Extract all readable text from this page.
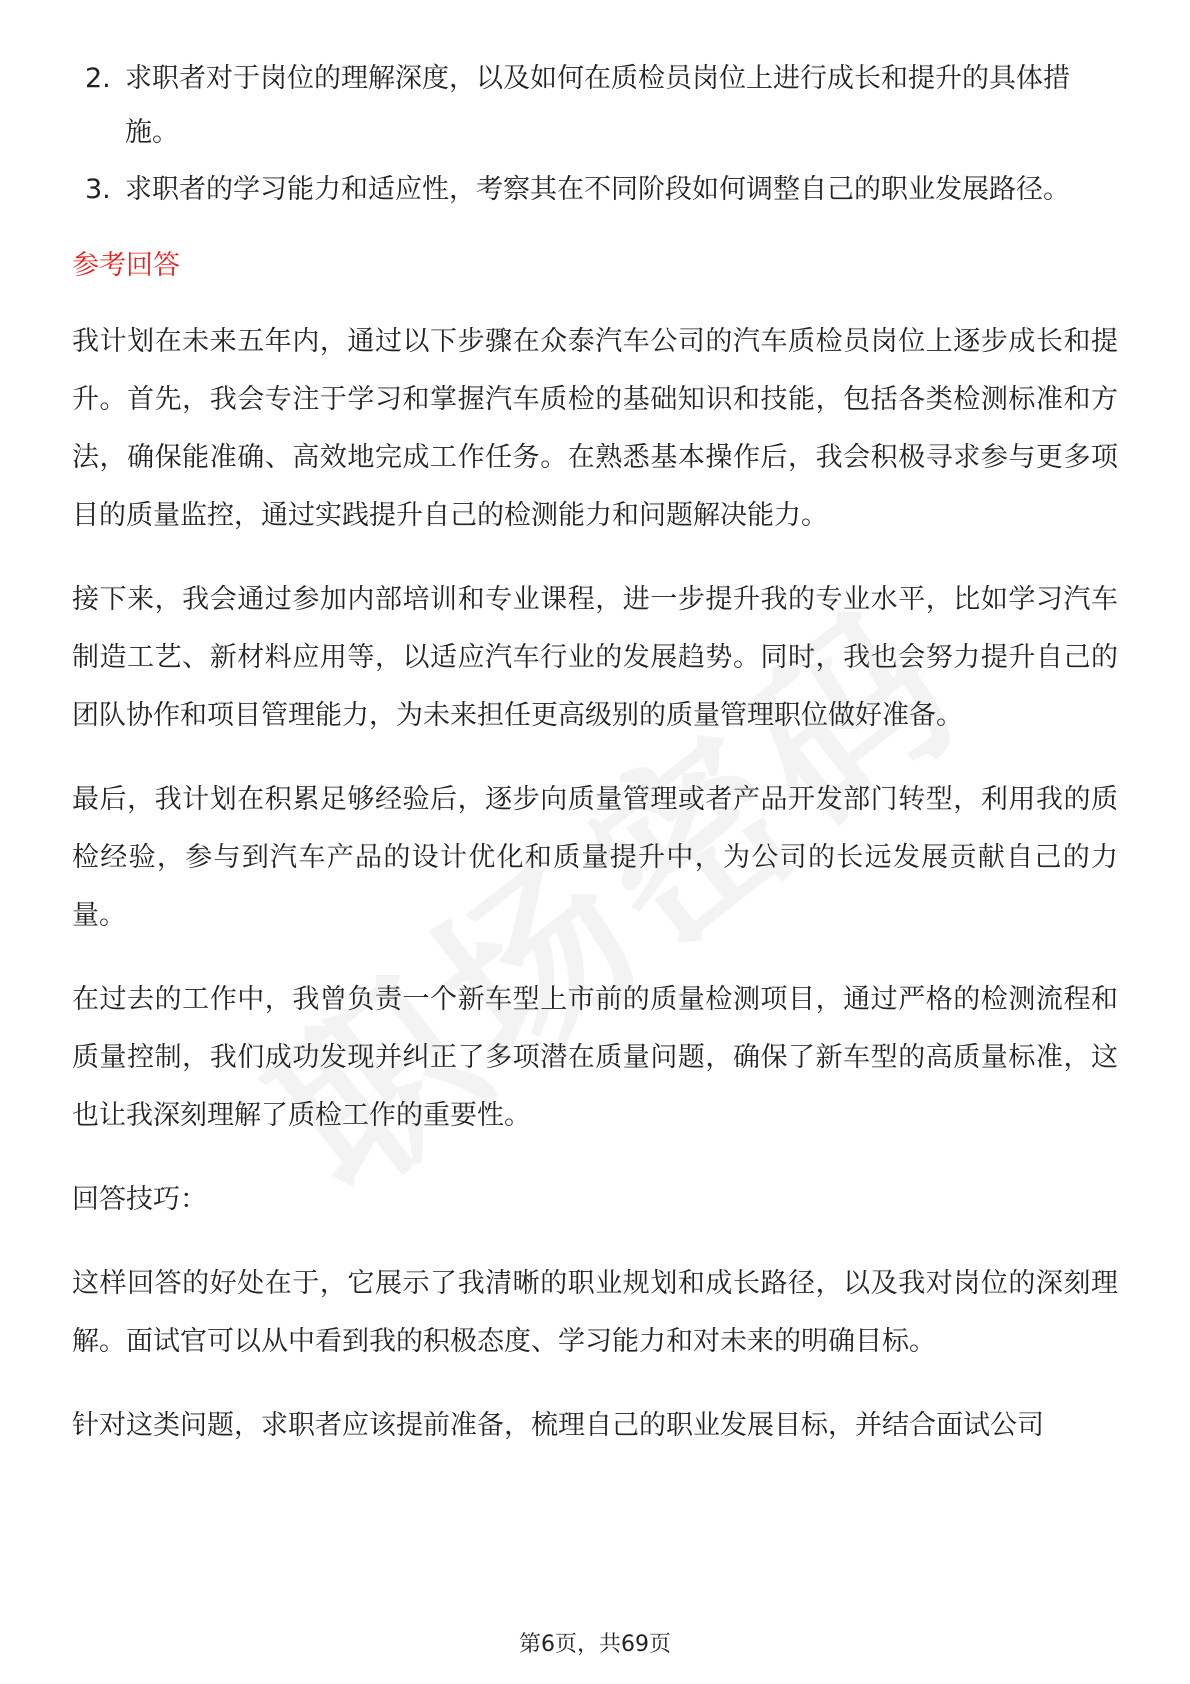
2. 求职者对于岗位的理解深度，以及如何在质检员岗位上进行成长和提升的具体措施。
3. 求职者的学习能力和适应性，考察其在不同阶段如何调整自己的职业发展路径。
参考回答

我计划在未来五年内，通过以下步骤在众泰汽车公司的汽车质检员岗位上逐步成长和提升。首先，我会专注于学习和掌握汽车质检的基础知识和技能，包括各类检测标准和方法，确保能准确、高效地完成工作任务。在熟悉基本操作后，我会积极寻求参与更多项目的质量监控，通过实践提升自己的检测能力和问题解决能力。

接下来，我会通过参加内部培训和专业课程，进一步提升我的专业水平，比如学习汽车制造工艺、新材料应用等，以适应汽车行业的发展趋势。同时，我也会努力提升自己的团队协作和项目管理能力，为未来担任更高级别的质量管理职位做好准备。

最后，我计划在积累足够经验后，逐步向质量管理或者产品开发部门转型，利用我的质检经验，参与到汽车产品的设计优化和质量提升中，为公司的长远发展贡献自己的力量。

在过去的工作中，我曾负责一个新车型上市前的质量检测项目，通过严格的检测流程和质量控制，我们成功发现并纠正了多项潜在质量问题，确保了新车型的高质量标准，这也让我深刻理解了质检工作的重要性。

回答技巧：

这样回答的好处在于，它展示了我清晰的职业规划和成长路径，以及我对岗位的深刻理解。面试官可以从中看到我的积极态度、学习能力和对未来的明确目标。

针对这类问题，求职者应该提前准备，梳理自己的职业发展目标，并结合面试公司

第6页，共69页
